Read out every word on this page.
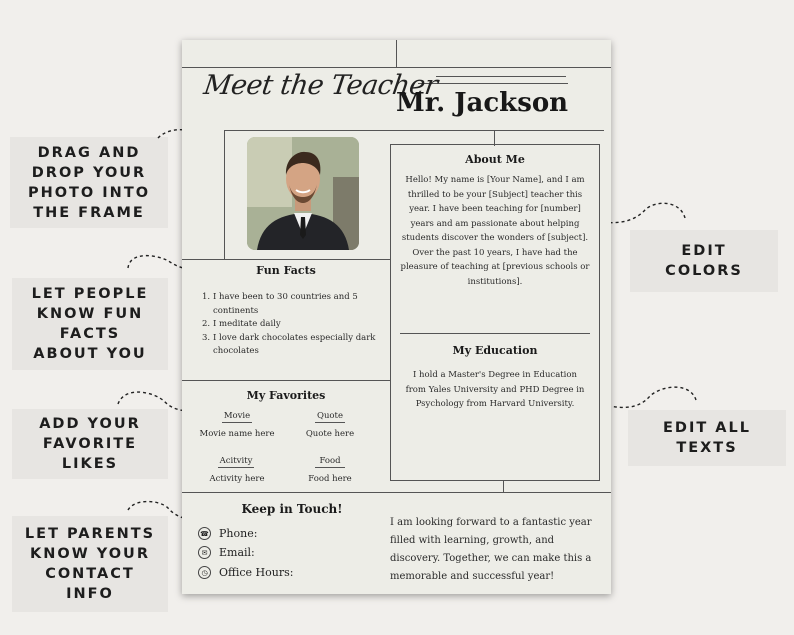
DRAG AND
DROP YOUR
PHOTO INTO
THE FRAME
LET PEOPLE
KNOW FUN
FACTS
ABOUT YOU
ADD YOUR
FAVORITE
LIKES
LET PARENTS
KNOW YOUR
CONTACT
INFO
EDIT
COLORS
EDIT ALL
TEXTS
Meet the Teacher
Mr. Jackson
About Me
Hello! My name is [Your Name], and I am thrilled to be your [Subject] teacher this year. I have been teaching for [number] years and am passionate about helping students discover the wonders of [subject]. Over the past 10 years, I have had the pleasure of teaching at [previous schools or institutions].
My Education
I hold a Master's Degree in Education from Yales University and PHD Degree in Psychology from Harvard University.
Fun Facts
1. I have been to 30 countries and 5 continents
2. I meditate daily
3. I love dark chocolates especially dark chocolates
My Favorites
Movie
Movie name here
Quote
Quote here
Acitvity
Activity here
Food
Food here
Keep in Touch!
☎ Phone:
✉	Email:
◷	Office Hours:
I am looking forward to a fantastic year filled with learning, growth, and discovery. Together, we can make this a memorable and successful year!
